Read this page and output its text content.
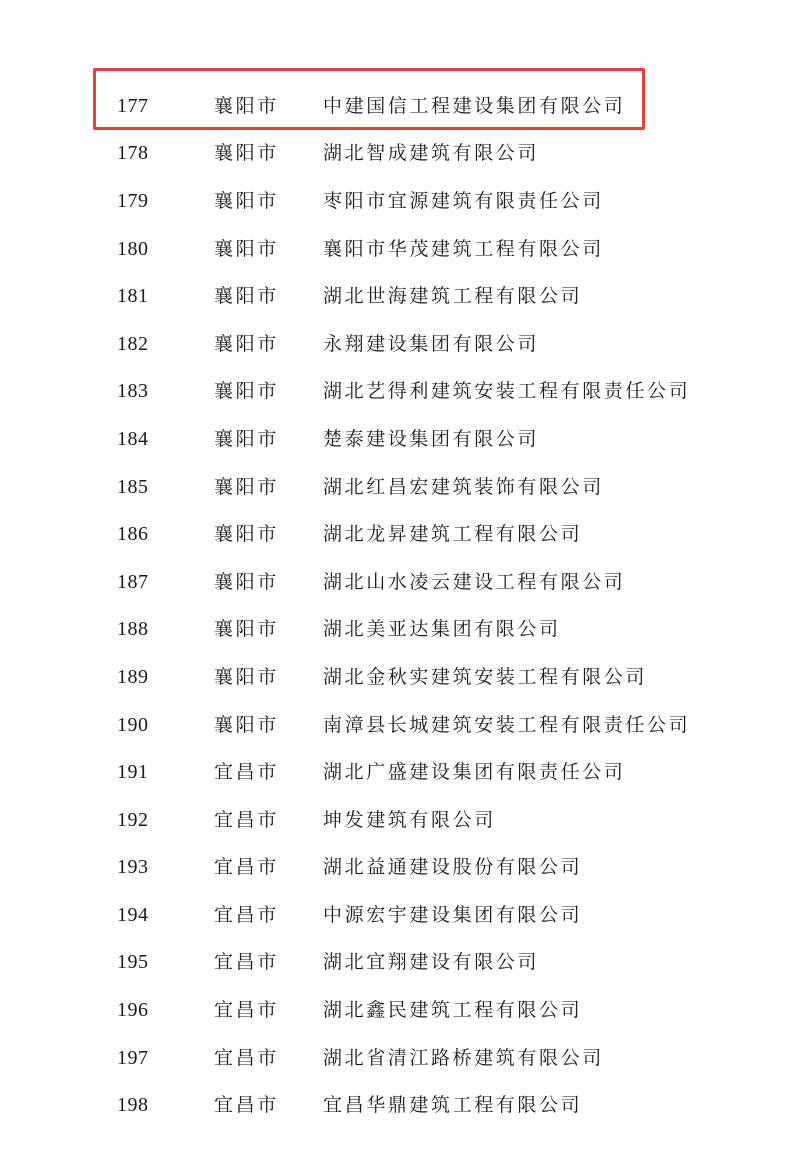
177	襄阳市 中建国信工程建设集团有限公司
178	襄阳市 湖北智成建筑有限公司
179	襄阳市 枣阳市宜源建筑有限责任公司
180	襄阳市 襄阳市华茂建筑工程有限公司
181	襄阳市 湖北世海建筑工程有限公司
182	襄阳市 永翔建设集团有限公司
183	襄阳市 湖北艺得利建筑安装工程有限责任公司
184	襄阳市 楚泰建设集团有限公司
185	襄阳市 湖北红昌宏建筑装饰有限公司
186	襄阳市 湖北龙昇建筑工程有限公司
187	襄阳市 湖北山水凌云建设工程有限公司
188	襄阳市 湖北美亚达集团有限公司
189	襄阳市 湖北金秋实建筑安装工程有限公司
190	襄阳市 南漳县长城建筑安装工程有限责任公司
191	宜昌市 湖北广盛建设集团有限责任公司
192	宜昌市 坤发建筑有限公司
193	宜昌市 湖北益通建设股份有限公司
194	宜昌市 中源宏宇建设集团有限公司
195	宜昌市 湖北宜翔建设有限公司
196	宜昌市 湖北鑫民建筑工程有限公司
197	宜昌市 湖北省清江路桥建筑有限公司
198	宜昌市 宜昌华鼎建筑工程有限公司
